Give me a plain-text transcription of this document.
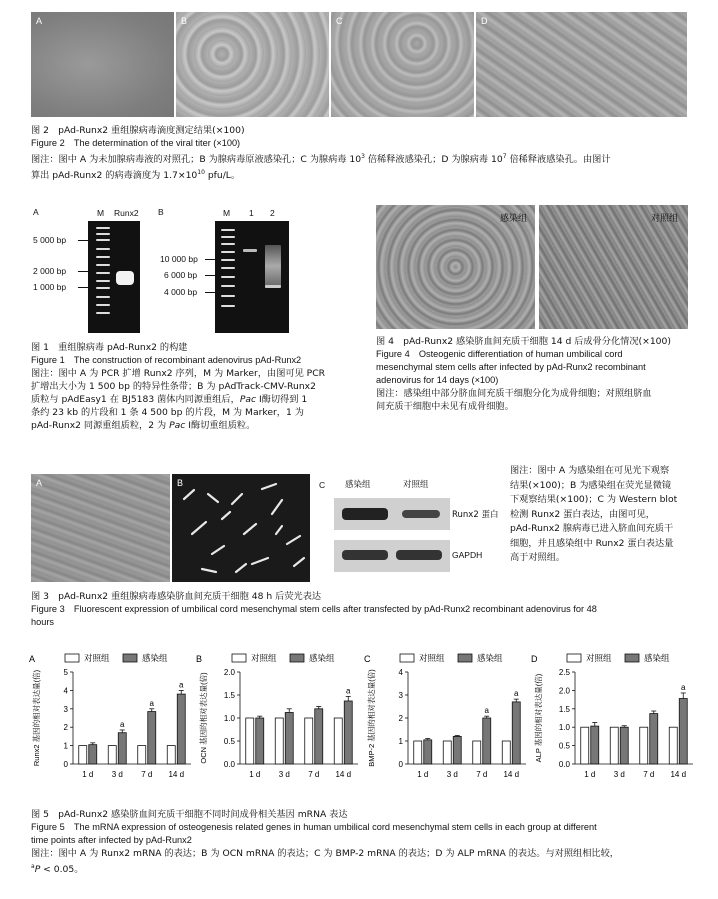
A	B	C	D
图 2　pAd-Runx2 重组腺病毒滴度测定结果(×100)
Figure 2　The determination of the viral titer (×100)
图注：图中 A 为未加腺病毒液的对照孔；B 为腺病毒原液感染孔；C 为腺病毒 $10^3$ 倍稀释液感染孔；D 为腺病毒 $10^7$ 倍稀释液感染孔。由图计
算出 pAd-Runx2 的病毒滴度为 $1.7\times 10^{10}$ pfu/L。
A	B
M Runx2	M 1 2
5 000 bp
2 000 bp
1 000 bp
10 000 bp
6 000 bp
4 000 bp
图 1　重组腺病毒 pAd-Runx2 的构建
Figure 1　The construction of recombinant adenovirus pAd-Runx2
图注：图中 A 为 PCR 扩增 Runx2 序列，M 为 Marker，由图可见 PCR
扩增出大小为 1 500 bp 的特异性条带；B 为 pAdTrack-CMV-Runx2
质粒与 pAdEasy1 在 BJ5183 菌体内同源重组后，Pac Ⅰ酶切得到 1
条约 23 kb 的片段和 1 条 4 500 bp 的片段，M 为 Marker，1 为
pAd-Runx2 同源重组质粒，2 为 Pac Ⅰ酶切重组质粒。
感染组	对照组
图 4　pAd-Runx2 感染脐血间充质干细胞 14 d 后成骨分化情况(×100)
Figure 4　Osteogenic differentiation of human umbilical cord
mesenchymal stem cells after infected by pAd-Runx2 recombinant
adenovirus for 14 days (×100)
图注：感染组中部分脐血间充质干细胞分化为成骨细胞；对照组脐血
间充质干细胞中未见有成骨细胞。
A	B	C 感染组	对照组
Runx2 蛋白
GAPDH
图注：图中 A 为感染组在可见光下观察
结果(×100)；B 为感染组在荧光显微镜
下观察结果(×100)；C 为 Western blot
检测 Runx2 蛋白表达，由图可见，
pAd-Runx2 腺病毒已进入脐血间充质干
细胞，并且感染组中 Runx2 蛋白表达量
高于对照组。
图 3　pAd-Runx2 重组腺病毒感染脐血间充质干细胞 48 h 后荧光表达
Figure 3　Fluorescent expression of umbilical cord mesenchymal stem cells after transfected by pAd-Runx2 recombinant adenovirus for 48
hours
A	对照组	感染组
0
1
2
3
4
5
Runx2 基因的相对表达量(倍)
1 d
a
3 d
a
7 d
a
14 d
B	对照组	感染组
0.0
0.5
1.0
1.5
2.0
OCN 基因的相对表达量(倍)
1 d 3 d 7 d
a
14 d
C	对照组	感染组
0
1
2
3
4
BMP-2 基因的相对表达量(倍)
1 d 3 d
a
7 d
a
14 d
D	对照组	感染组
0.0
0.5
1.0
1.5
2.0
2.5
ALP 基因的相对表达量(倍)
1 d 3 d 7 d
a
14 d
图 5　pAd-Runx2 感染脐血间充质干细胞不同时间成骨相关基因 mRNA 表达
Figure 5　The mRNA expression of osteogenesis related genes in human umbilical cord mesenchymal stem cells in each group at different
time points after infected by pAd-Runx2
图注：图中 A 为 Runx2 mRNA 的表达；B 为 OCN mRNA 的表达；C 为 BMP-2 mRNA 的表达；D 为 ALP mRNA 的表达。与对照组相比较，
$^a$P < 0.05。
